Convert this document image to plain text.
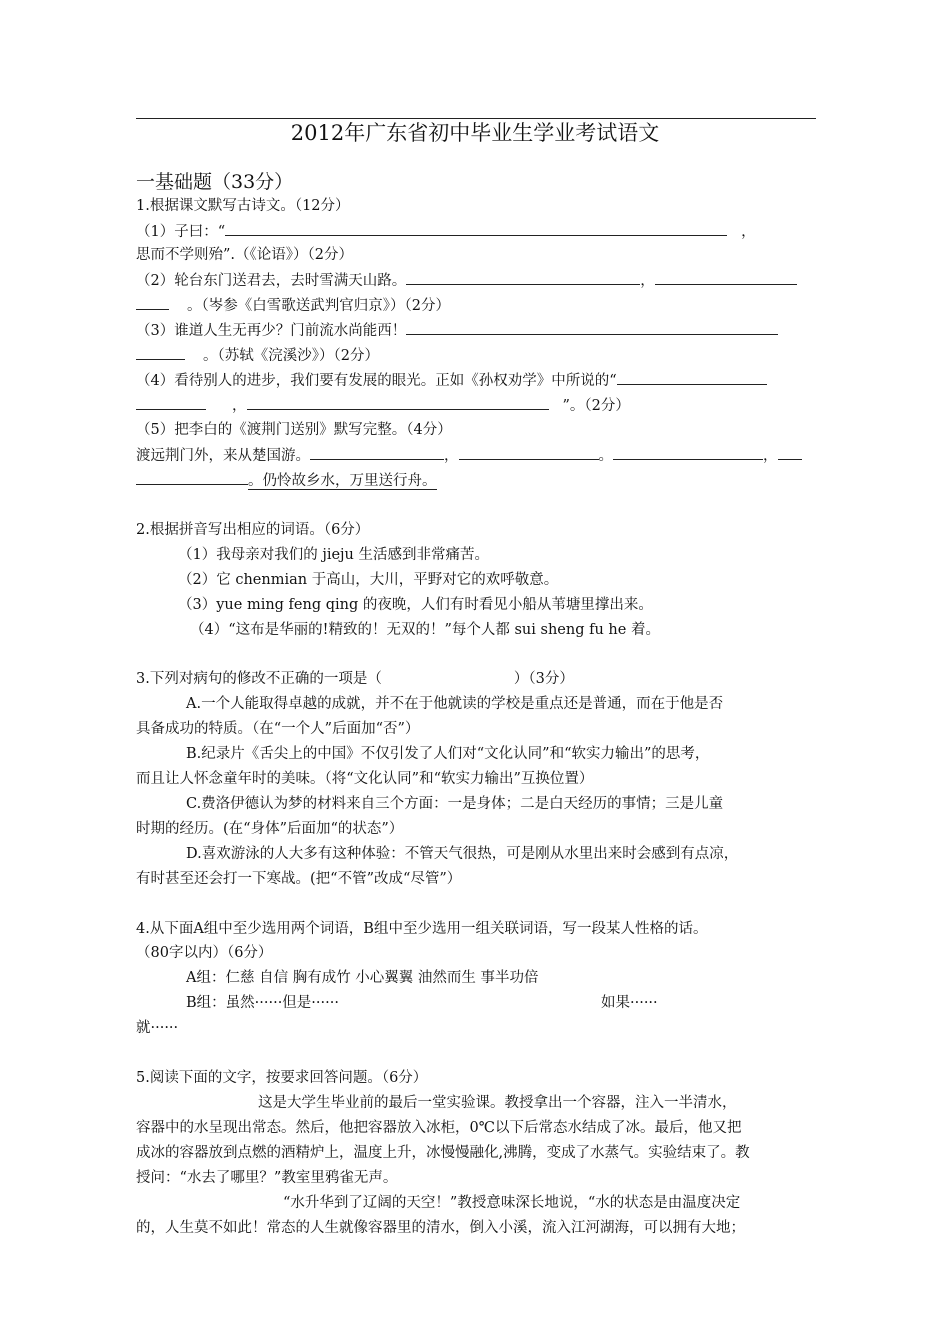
2012年广东省初中毕业生学业考试语文
一基础题（33分）
1.根据课文默写古诗文。（12分）
（1）子曰：“	，
思而不学则殆”.（《论语》）（2分）
（2）轮台东门送君去，去时雪满天山路。	，
。（岑参《白雪歌送武判官归京》）（2分）
（3）谁道人生无再少？门前流水尚能西！
。（苏轼《浣溪沙》）（2分）
（4）看待别人的进步，我们要有发展的眼光。正如《孙权劝学》中所说的“
，	”。（2分）
（5）把李白的《渡荆门送别》默写完整。（4分）
渡远荆门外，来从楚国游。	，	。	，
。仍怜故乡水，万里送行舟。
2.根据拼音写出相应的词语。（6分）
（1）我母亲对我们的 jieju 生活感到非常痛苦。
（2）它 chenmian 于高山，大川，平野对它的欢呼敬意。
（3）yue ming feng qing 的夜晚，人们有时看见小船从苇塘里撑出来。
（4）“这布是华丽的!精致的！无双的！”每个人都 sui sheng fu he 着。
3.下列对病句的修改不正确的一项是（	）（3分）
A.一个人能取得卓越的成就，并不在于他就读的学校是重点还是普通，而在于他是否
具备成功的特质。（在“一个人”后面加“否”）
B.纪录片《舌尖上的中国》不仅引发了人们对“文化认同”和“软实力输出”的思考，
而且让人怀念童年时的美味。（将“文化认同”和“软实力输出”互换位置）
C.费洛伊德认为梦的材料来自三个方面：一是身体；二是白天经历的事情；三是儿童
时期的经历。(在“身体”后面加“的状态”）
D.喜欢游泳的人大多有这种体验：不管天气很热，可是刚从水里出来时会感到有点凉，
有时甚至还会打一下寒战。(把“不管”改成“尽管”）
4.从下面A组中至少选用两个词语，B组中至少选用一组关联词语，写一段某人性格的话。
（80字以内）（6分）
A组：仁慈 自信 胸有成竹 小心翼翼 油然而生 事半功倍
B组：虽然······但是······	如果······
就······
5.阅读下面的文字，按要求回答问题。（6分）
这是大学生毕业前的最后一堂实验课。教授拿出一个容器，注入一半清水，
容器中的水呈现出常态。然后，他把容器放入冰柜，0℃以下后常态水结成了冰。最后，他又把
成冰的容器放到点燃的酒精炉上，温度上升，冰慢慢融化,沸腾，变成了水蒸气。实验结束了。教
授问：“水去了哪里？”教室里鸦雀无声。
“水升华到了辽阔的天空！”教授意味深长地说，“水的状态是由温度决定
的，人生莫不如此！常态的人生就像容器里的清水，倒入小溪，流入江河湖海，可以拥有大地；
